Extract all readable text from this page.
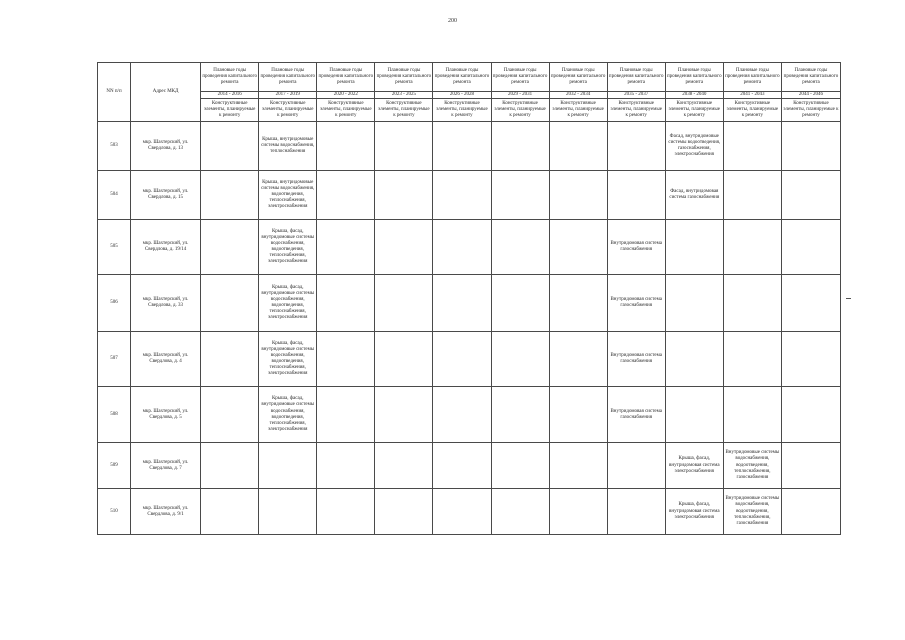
200
NN п/п	Адрес МКД	Плановые годы проведения капитального ремонта	Плановые годы проведения капитального ремонта	Плановые годы проведения капитального ремонта	Плановые годы проведения капитального ремонта	Плановые годы проведения капитального ремонта	Плановые годы проведения капитального ремонта	Плановые годы проведения капитального ремонта	Плановые годы проведения капитального ремонта	Плановые годы проведения капитального ремонта	Плановые годы проведения капитального ремонта	Плановые годы проведения капитального ремонта
		2014 - 2016	2017 - 2019	2020 - 2022	2023 - 2025	2026 - 2028	2029 - 2031	2032 - 2034	2035 - 2037	2038 - 2040	2041 - 2043	2044 - 2046
		Конструктивные элементы, планируемые к ремонту	Конструктивные элементы, планируемые к ремонту	Конструктивные элементы, планируемые к ремонту	Конструктивные элементы, планируемые к ремонту	Конструктивные элементы, планируемые к ремонту	Конструктивные элементы, планируемые к ремонту	Конструктивные элементы, планируемые к ремонту	Конструктивные элементы, планируемые к ремонту	Конструктивные элементы, планируемые к ремонту	Конструктивные элементы, планируемые к ремонту	Конструктивные элементы, планируемые к ремонту
503	мкр. Шахтерский, ул. Свердлова, д. 13		Крыша, внутридомовые системы водоснабжения, теплоснабжения							Фасад, внутридомовые системы водоотведения, газоснабжения, электроснабжения		
504	мкр. Шахтерский, ул. Свердлова, д. 15		Крыша, внутридомовые системы водоснабжения, водоотведения, теплоснабжения, электроснабжения							Фасад, внутридомовая система газоснабжения		
505	мкр. Шахтерский, ул. Свердлова, д. 19/14		Крыша, фасад, внутридомовые системы водоснабжения, водоотведения, теплоснабжения, электроснабжения						Внутридомовая система газоснабжения			
506	мкр. Шахтерский, ул. Свердлова, д. 33		Крыша, фасад, внутридомовые системы водоснабжения, водоотведения, теплоснабжения, электроснабжения						Внутридомовая система газоснабжения			
507	мкр. Шахтерский, ул. Свердлова, д. 4		Крыша, фасад, внутридомовые системы водоснабжения, водоотведения, теплоснабжения, электроснабжения						Внутридомовая система газоснабжения			
508	мкр. Шахтерский, ул. Свердлова, д. 5		Крыша, фасад, внутридомовые системы водоснабжения, водоотведения, теплоснабжения, электроснабжения						Внутридомовая система газоснабжения			
509	мкр. Шахтерский, ул. Свердлова, д. 7									Крыша, фасад, внутридомовая система электроснабжения	Внутридомовые системы водоснабжения, водоотведения, теплоснабжения, газоснабжения	
510	мкр. Шахтерский, ул. Свердлова, д. 9/1									Крыша, фасад, внутридомовая система электроснабжения	Внутридомовые системы водоснабжения, водоотведения, теплоснабжения, газоснабжения	
